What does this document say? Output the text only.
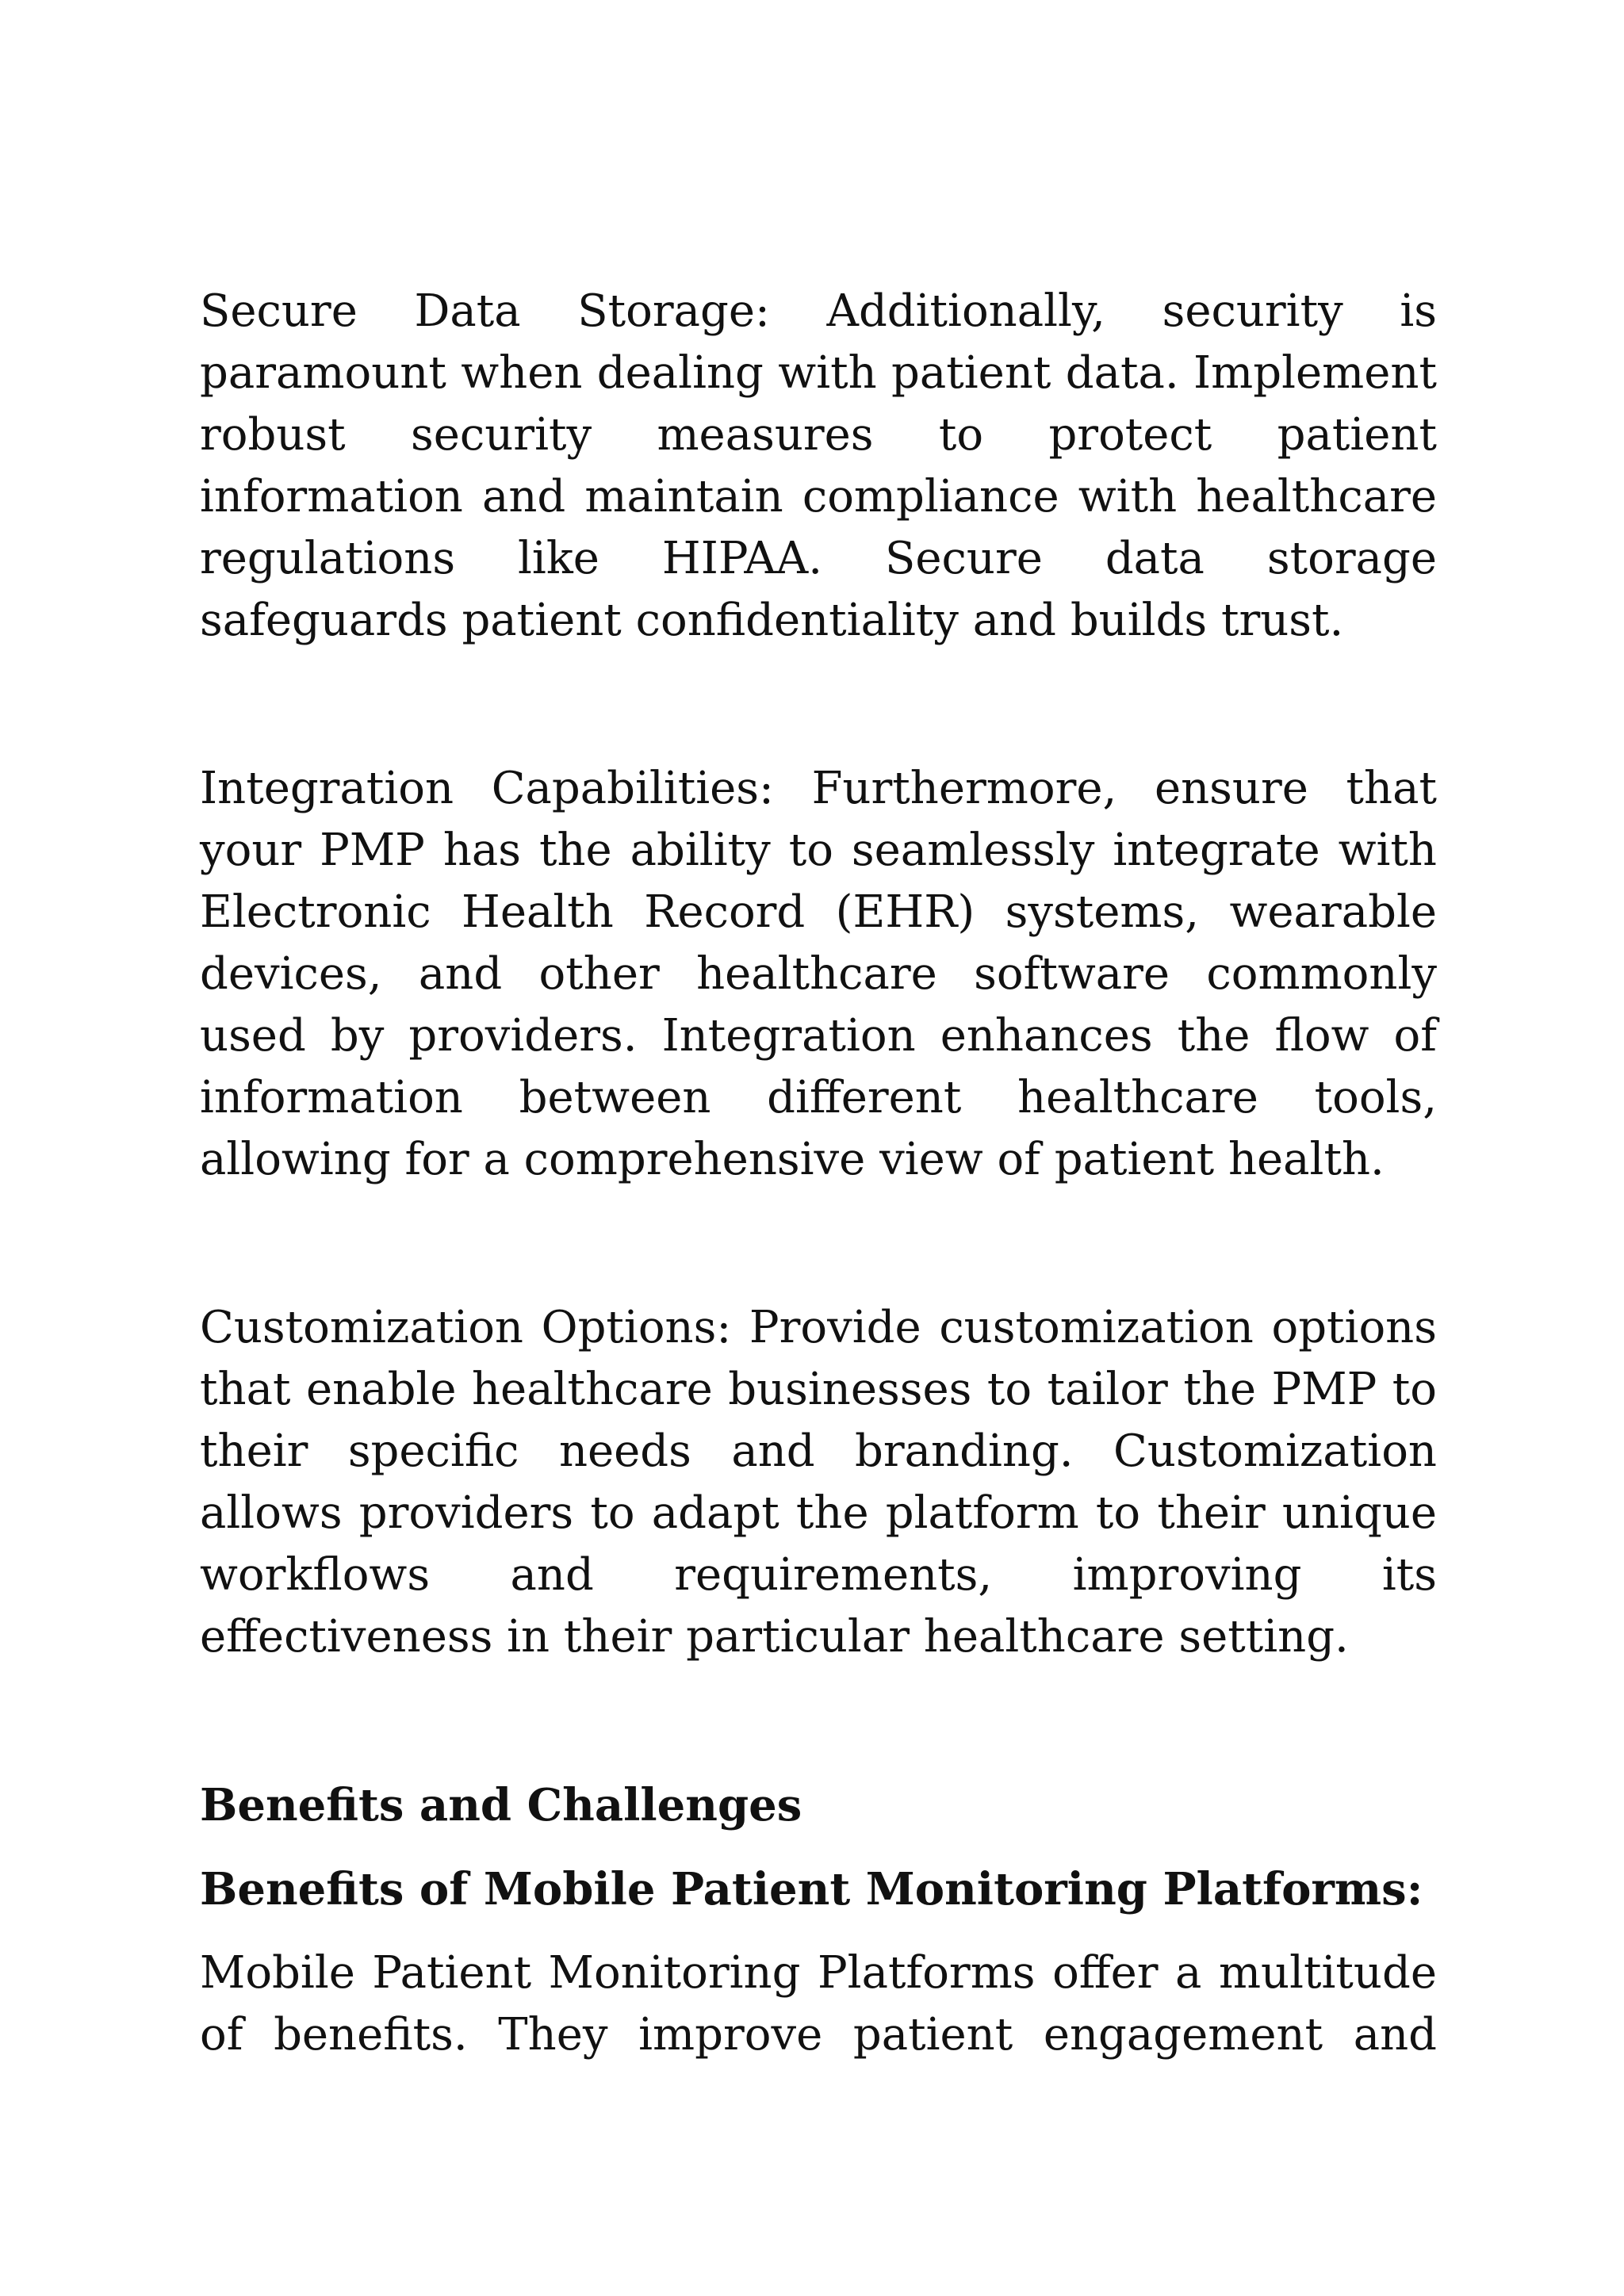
Secure Data Storage: Additionally, security is paramount when dealing with patient data. Implement robust security measures to protect patient information and maintain compliance with healthcare regulations like HIPAA. Secure data storage safeguards patient confidentiality and builds trust.

Integration Capabilities: Furthermore, ensure that your PMP has the ability to seamlessly integrate with Electronic Health Record (EHR) systems, wearable devices, and other healthcare software commonly used by providers. Integration enhances the flow of information between different healthcare tools, allowing for a comprehensive view of patient health.

Customization Options: Provide customization options that enable healthcare businesses to tailor the PMP to their specific needs and branding. Customization allows providers to adapt the platform to their unique workflows and requirements, improving its effectiveness in their particular healthcare setting.

Benefits and Challenges
Benefits of Mobile Patient Monitoring Platforms:

Mobile Patient Monitoring Platforms offer a multitude of benefits. They improve patient engagement and
